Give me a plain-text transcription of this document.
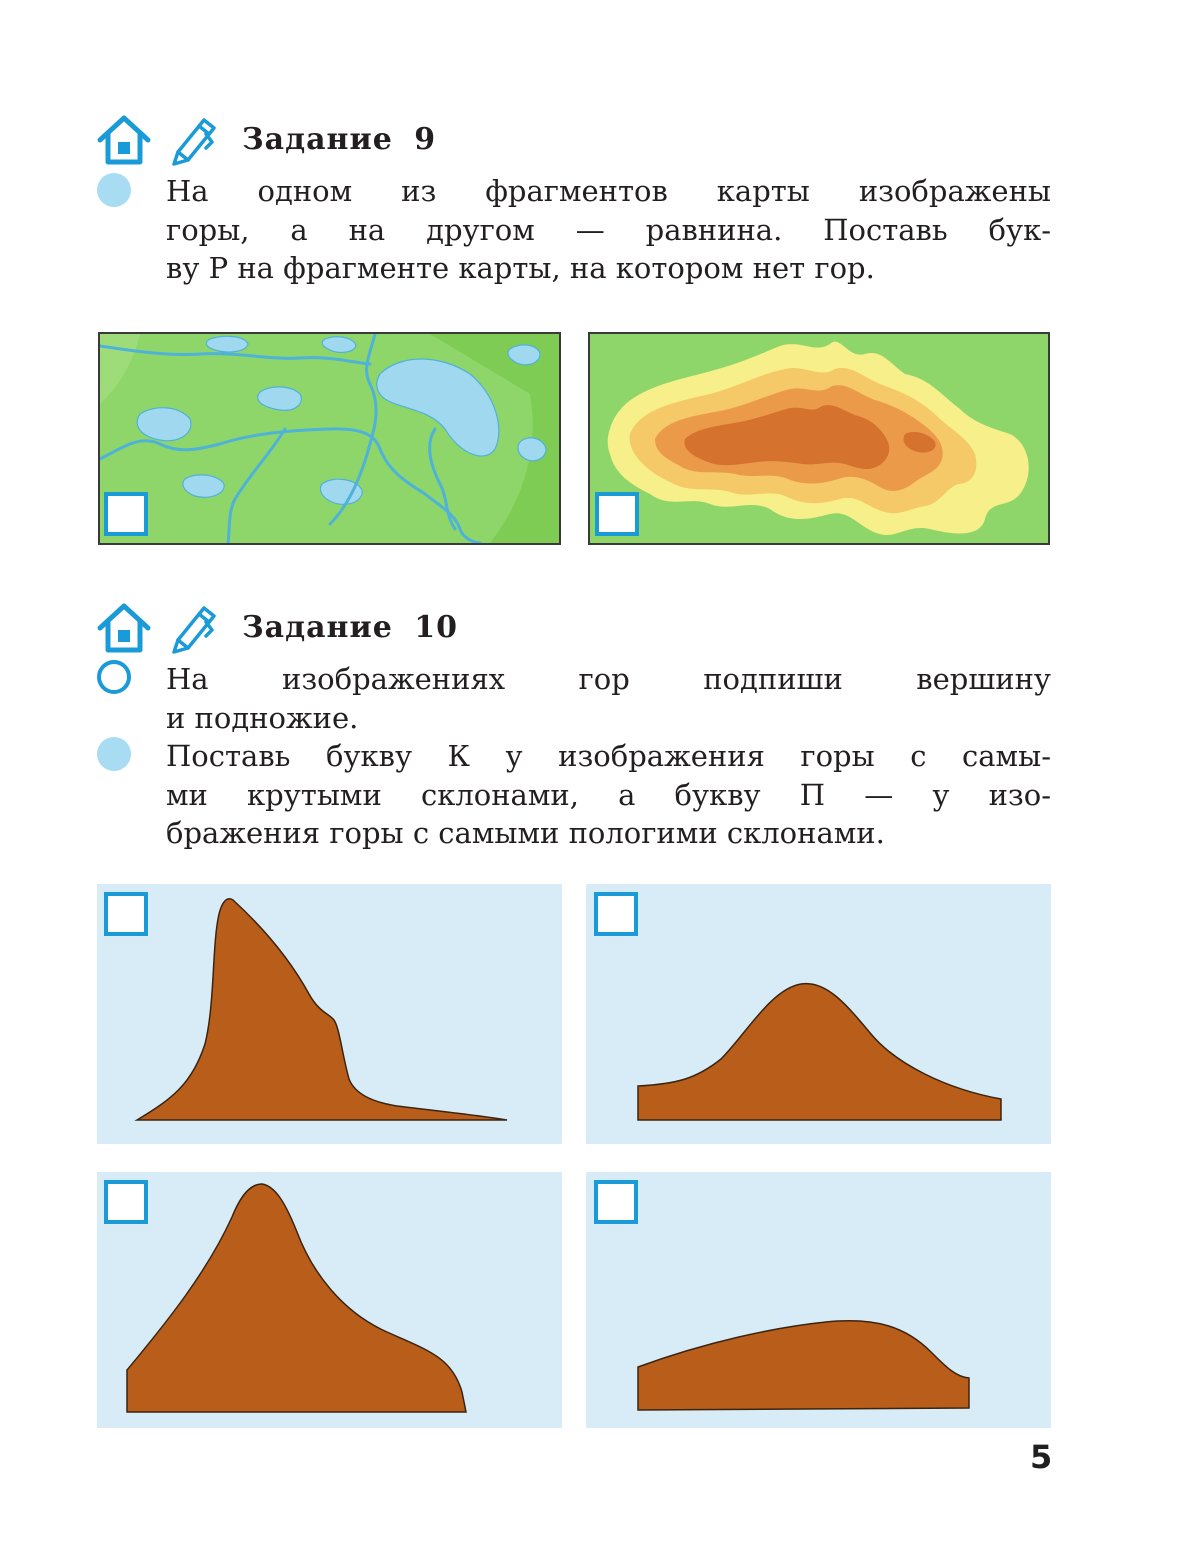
Задание 9
На одном из фрагментов карты изображены
горы, а на другом — равнина. Поставь бук-
ву Р на фрагменте карты, на котором нет гор.
Задание 10
На изображениях гор подпиши вершину
и подножие.
Поставь букву К у изображения горы с самы-
ми крутыми склонами, а букву П — у изо-
бражения горы с самыми пологими склонами.
5
